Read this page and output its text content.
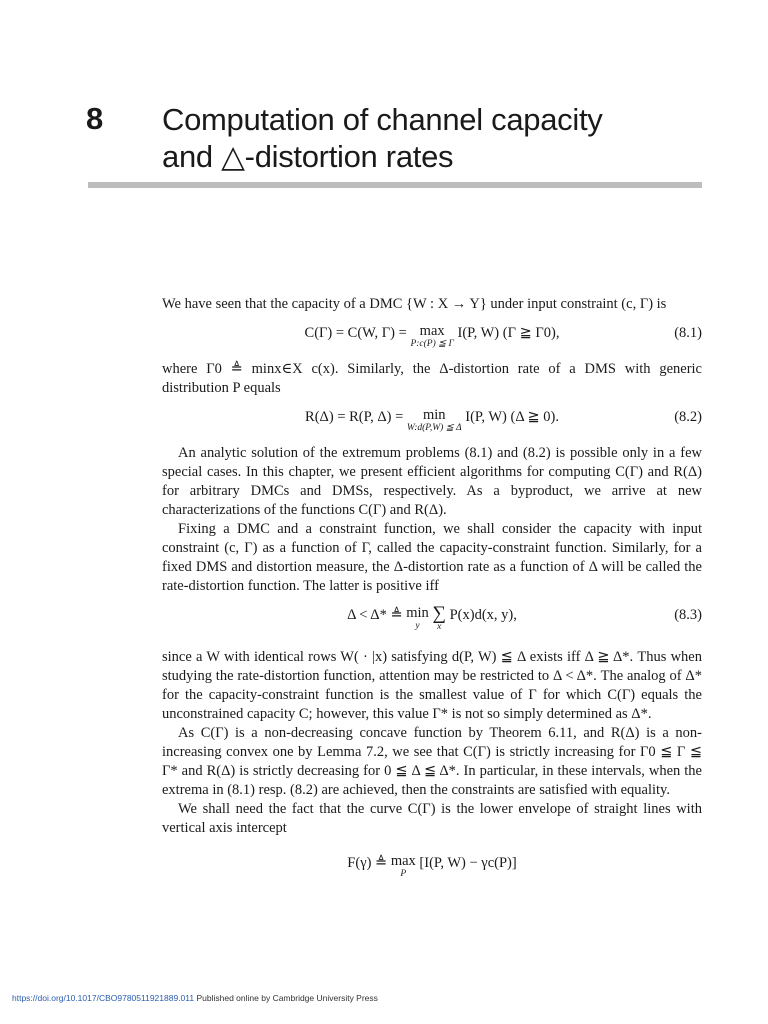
8 Computation of channel capacity
and △-distortion rates

We have seen that the capacity of a DMC {W : X → Y} under input constraint (c, Γ) is

C(Γ) = C(W, Γ) = max
P:c(P) ≦ Γ
I(P, W) (Γ ≧ Γ0),	(8.1)

where Γ0 ≜ minx∈X c(x). Similarly, the Δ-distortion rate of a DMS with generic distribution P equals

R(Δ) = R(P, Δ) = min
W:d(P,W) ≦ Δ
I(P, W) (Δ ≧ 0).	(8.2)

An analytic solution of the extremum problems (8.1) and (8.2) is possible only in a few special cases. In this chapter, we present efficient algorithms for computing C(Γ) and R(Δ) for arbitrary DMCs and DMSs, respectively. As a byproduct, we arrive at new characterizations of the functions C(Γ) and R(Δ).

Fixing a DMC and a constraint function, we shall consider the capacity with input constraint (c, Γ) as a function of Γ, called the capacity-constraint function. Similarly, for a fixed DMS and distortion measure, the Δ-distortion rate as a function of Δ will be called the rate-distortion function. The latter is positive iff

Δ < Δ* ≜ min
y
∑
x
P(x)d(x, y),	(8.3)

since a W with identical rows W( · |x) satisfying d(P, W) ≦ Δ exists iff Δ ≧ Δ*. Thus when studying the rate-distortion function, attention may be restricted to Δ < Δ*. The analog of Δ* for the capacity-constraint function is the smallest value of Γ for which C(Γ) equals the unconstrained capacity C; however, this value Γ* is not so simply determined as Δ*.

As C(Γ) is a non-decreasing concave function by Theorem 6.11, and R(Δ) is a non-increasing convex one by Lemma 7.2, we see that C(Γ) is strictly increasing for Γ0 ≦ Γ ≦ Γ* and R(Δ) is strictly decreasing for 0 ≦ Δ ≦ Δ*. In particular, in these intervals, when the extrema in (8.1) resp. (8.2) are achieved, then the constraints are satisfied with equality.

We shall need the fact that the curve C(Γ) is the lower envelope of straight lines with vertical axis intercept

F(γ) ≜ max
P
[I(P, W) − γc(P)]
https://doi.org/10.1017/CBO9780511921889.011 Published online by Cambridge University Press
